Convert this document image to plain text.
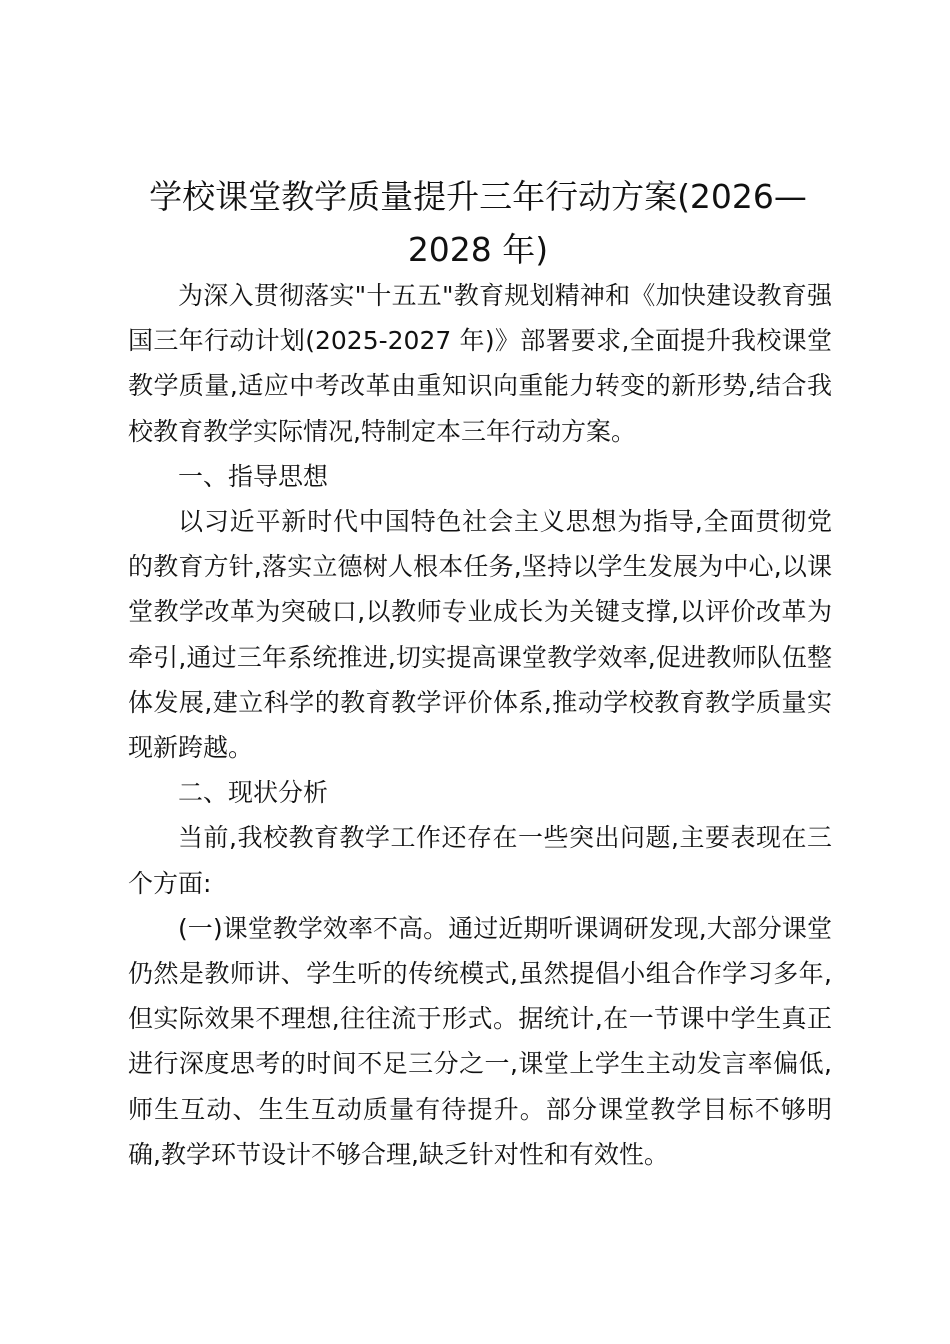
学校课堂教学质量提升三年行动方案(2026—2028 年)

为深入贯彻落实"十五五"教育规划精神和《加快建设教育强国三年行动计划(2025-2027 年)》部署要求,全面提升我校课堂教学质量,适应中考改革由重知识向重能力转变的新形势,结合我校教育教学实际情况,特制定本三年行动方案。

一、指导思想

以习近平新时代中国特色社会主义思想为指导,全面贯彻党的教育方针,落实立德树人根本任务,坚持以学生发展为中心,以课堂教学改革为突破口,以教师专业成长为关键支撑,以评价改革为牵引,通过三年系统推进,切实提高课堂教学效率,促进教师队伍整体发展,建立科学的教育教学评价体系,推动学校教育教学质量实现新跨越。

二、现状分析

当前,我校教育教学工作还存在一些突出问题,主要表现在三个方面:

(一)课堂教学效率不高。通过近期听课调研发现,大部分课堂仍然是教师讲、学生听的传统模式,虽然提倡小组合作学习多年,但实际效果不理想,往往流于形式。据统计,在一节课中学生真正进行深度思考的时间不足三分之一,课堂上学生主动发言率偏低,师生互动、生生互动质量有待提升。部分课堂教学目标不够明确,教学环节设计不够合理,缺乏针对性和有效性。
